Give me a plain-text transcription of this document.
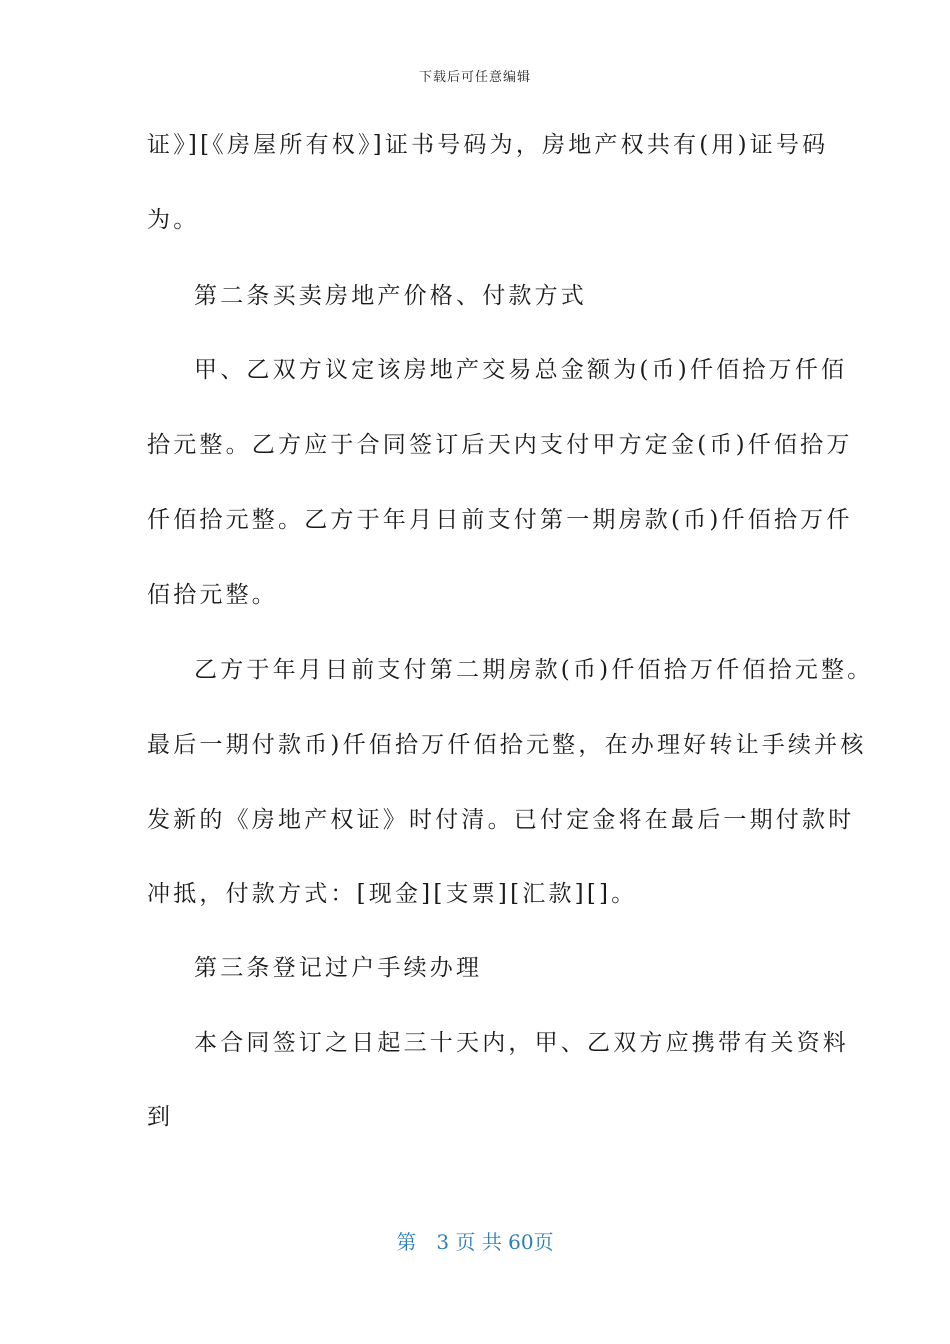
下载后可任意编辑
证》][《房屋所有权》]证书号码为，房地产权共有(用)证号码
为。
第二条买卖房地产价格、付款方式
甲、乙双方议定该房地产交易总金额为(币)仟佰拾万仟佰
拾元整。乙方应于合同签订后天内支付甲方定金(币)仟佰拾万
仟佰拾元整。乙方于年月日前支付第一期房款(币)仟佰拾万仟
佰拾元整。
乙方于年月日前支付第二期房款(币)仟佰拾万仟佰拾元整。
最后一期付款币)仟佰拾万仟佰拾元整，在办理好转让手续并核
发新的《房地产权证》时付清。已付定金将在最后一期付款时
冲抵，付款方式：[现金][支票][汇款][]。
第三条登记过户手续办理
本合同签订之日起三十天内，甲、乙双方应携带有关资料
到
第　3 页 共 60页
